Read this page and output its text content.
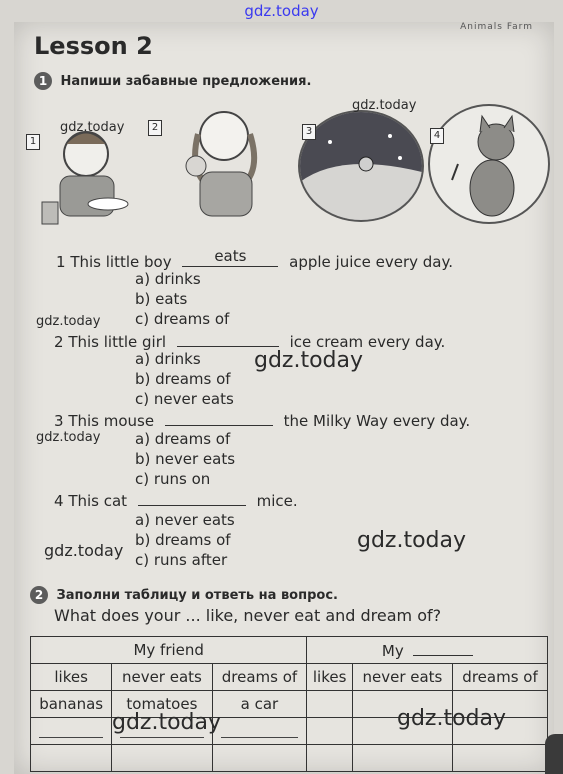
gdz.today
Animals Farm
Lesson 2
1 Напиши забавные предложения.
1
2	3	4
1 This little boy	eats	apple juice every day.
a) drinks
b) eats
c) dreams of
2 This little girl	ice cream every day.
a) drinks
b) dreams of
c) never eats
3 This mouse	the Milky Way every day.
a) dreams of
b) never eats
c) runs on
4 This cat	mice.
a) never eats
b) dreams of
c) runs after
2 Заполни таблицу и ответь на вопрос.
What does your ... like, never eat and dream of?
My friend			My		
likes	never eats	dreams of	likes	never eats	dreams of
bananas	tomatoes	a car			

gdz.today
gdz.today
gdz.today
gdz.today
gdz.today
gdz.today	gdz.today
gdz.today	gdz.today
